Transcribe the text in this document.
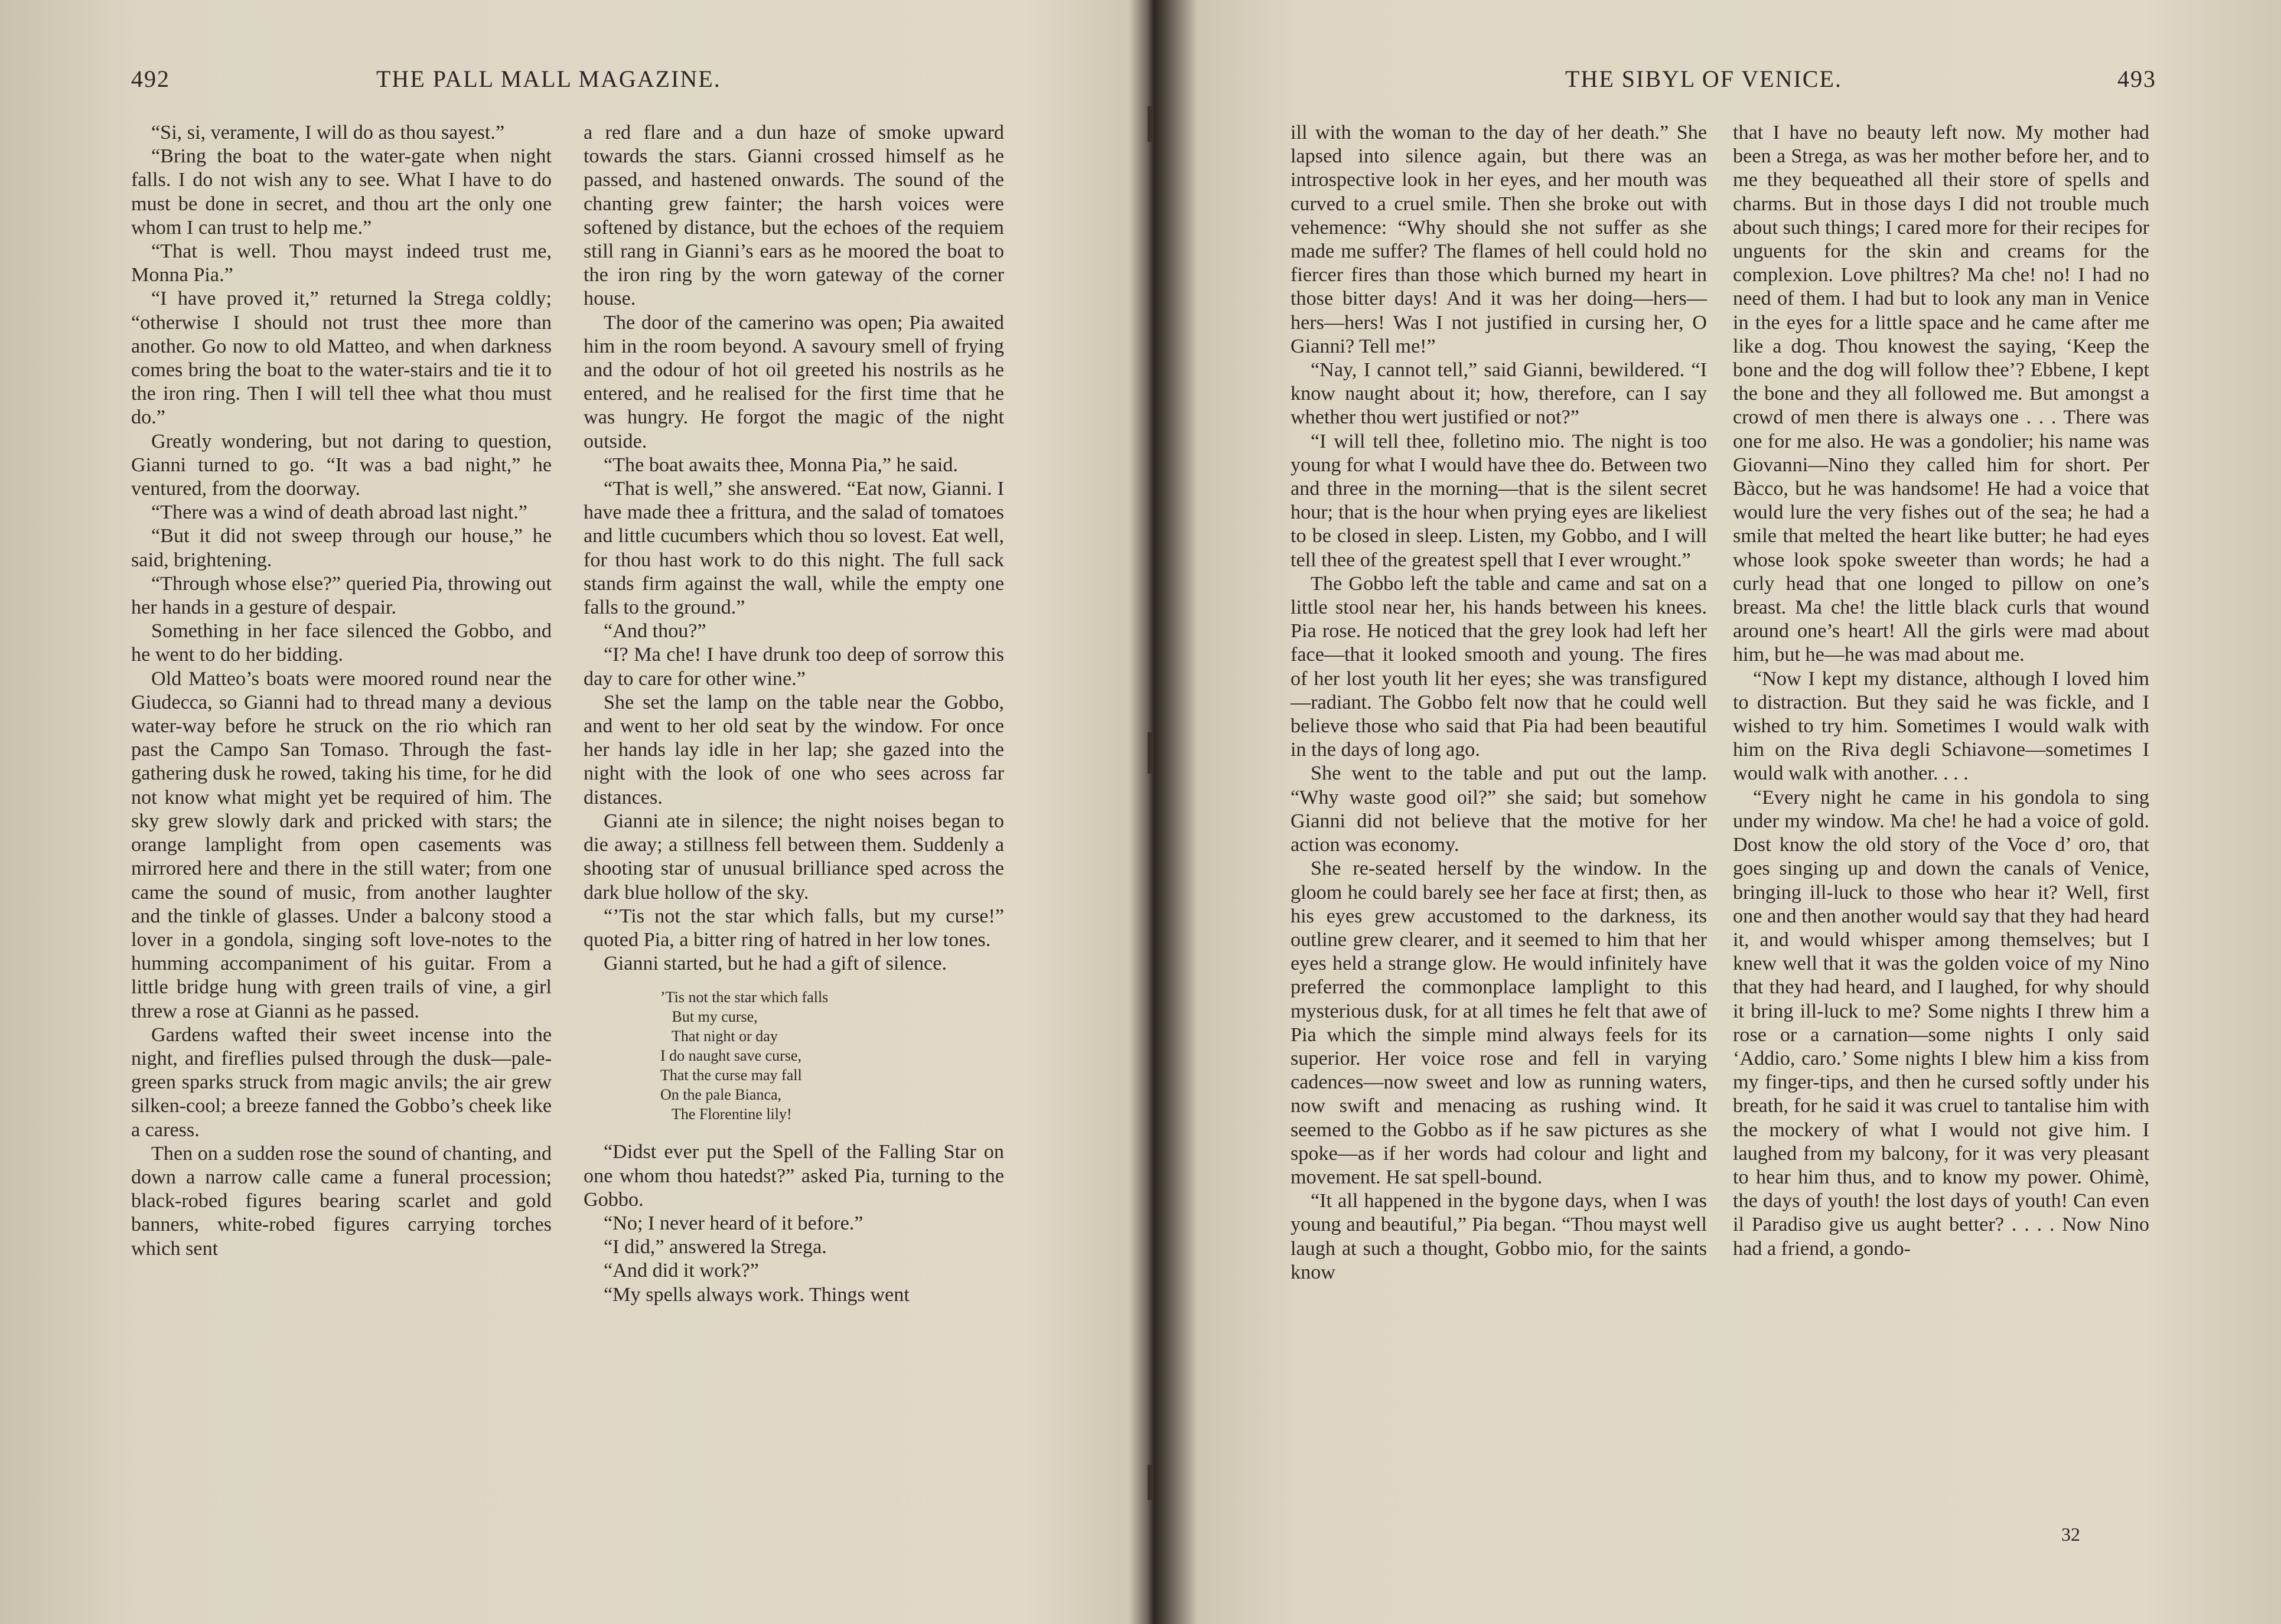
492	THE PALL MALL MAGAZINE.

“Si, si, veramente, I will do as thou sayest.”

“Bring the boat to the water-gate when night falls. I do not wish any to see. What I have to do must be done in secret, and thou art the only one whom I can trust to help me.”

“That is well. Thou mayst indeed trust me, Monna Pia.”

“I have proved it,” returned la Strega coldly; “otherwise I should not trust thee more than another. Go now to old Matteo, and when darkness comes bring the boat to the water-stairs and tie it to the iron ring. Then I will tell thee what thou must do.”

Greatly wondering, but not daring to question, Gianni turned to go. “It was a bad night,” he ventured, from the doorway.

“There was a wind of death abroad last night.”

“But it did not sweep through our house,” he said, brightening.

“Through whose else?” queried Pia, throwing out her hands in a gesture of despair.

Something in her face silenced the Gobbo, and he went to do her bidding.

Old Matteo’s boats were moored round near the Giudecca, so Gianni had to thread many a devious water-way before he struck on the rio which ran past the Campo San Tomaso. Through the fast-gathering dusk he rowed, taking his time, for he did not know what might yet be required of him. The sky grew slowly dark and pricked with stars; the orange lamplight from open casements was mirrored here and there in the still water; from one came the sound of music, from another laughter and the tinkle of glasses. Under a balcony stood a lover in a gondola, singing soft love-notes to the humming accompaniment of his guitar. From a little bridge hung with green trails of vine, a girl threw a rose at Gianni as he passed.

Gardens wafted their sweet incense into the night, and fireflies pulsed through the dusk—pale-green sparks struck from magic anvils; the air grew silken-cool; a breeze fanned the Gobbo’s cheek like a caress.

Then on a sudden rose the sound of chanting, and down a narrow calle came a funeral procession; black-robed figures bearing scarlet and gold banners, white-robed figures carrying torches which sent

a red flare and a dun haze of smoke upward towards the stars. Gianni crossed himself as he passed, and hastened onwards. The sound of the chanting grew fainter; the harsh voices were softened by distance, but the echoes of the requiem still rang in Gianni’s ears as he moored the boat to the iron ring by the worn gateway of the corner house.

The door of the camerino was open; Pia awaited him in the room beyond. A savoury smell of frying and the odour of hot oil greeted his nostrils as he entered, and he realised for the first time that he was hungry. He forgot the magic of the night outside.

“The boat awaits thee, Monna Pia,” he said.

“That is well,” she answered. “Eat now, Gianni. I have made thee a frittura, and the salad of tomatoes and little cucumbers which thou so lovest. Eat well, for thou hast work to do this night. The full sack stands firm against the wall, while the empty one falls to the ground.”

“And thou?”

“I? Ma che! I have drunk too deep of sorrow this day to care for other wine.”

She set the lamp on the table near the Gobbo, and went to her old seat by the window. For once her hands lay idle in her lap; she gazed into the night with the look of one who sees across far distances.

Gianni ate in silence; the night noises began to die away; a stillness fell between them. Suddenly a shooting star of unusual brilliance sped across the dark blue hollow of the sky.

“’Tis not the star which falls, but my curse!” quoted Pia, a bitter ring of hatred in her low tones.

Gianni started, but he had a gift of silence.

’Tis not the star which falls
But my curse,
That night or day
I do naught save curse,
That the curse may fall
On the pale Bianca,
The Florentine lily!

“Didst ever put the Spell of the Falling Star on one whom thou hatedst?” asked Pia, turning to the Gobbo.

“No; I never heard of it before.”

“I did,” answered la Strega.

“And did it work?”

“My spells always work. Things went

THE SIBYL OF VENICE.	493

ill with the woman to the day of her death.” She lapsed into silence again, but there was an introspective look in her eyes, and her mouth was curved to a cruel smile. Then she broke out with vehemence: “Why should she not suffer as she made me suffer? The flames of hell could hold no fiercer fires than those which burned my heart in those bitter days! And it was her doing—hers—hers—hers! Was I not justified in cursing her, O Gianni? Tell me!”

“Nay, I cannot tell,” said Gianni, bewildered. “I know naught about it; how, therefore, can I say whether thou wert justified or not?”

“I will tell thee, folletino mio. The night is too young for what I would have thee do. Between two and three in the morning—that is the silent secret hour; that is the hour when prying eyes are likeliest to be closed in sleep. Listen, my Gobbo, and I will tell thee of the greatest spell that I ever wrought.”

The Gobbo left the table and came and sat on a little stool near her, his hands between his knees. Pia rose. He noticed that the grey look had left her face—that it looked smooth and young. The fires of her lost youth lit her eyes; she was transfigured—radiant. The Gobbo felt now that he could well believe those who said that Pia had been beautiful in the days of long ago.

She went to the table and put out the lamp. “Why waste good oil?” she said; but somehow Gianni did not believe that the motive for her action was economy.

She re-seated herself by the window. In the gloom he could barely see her face at first; then, as his eyes grew accustomed to the darkness, its outline grew clearer, and it seemed to him that her eyes held a strange glow. He would infinitely have preferred the commonplace lamplight to this mysterious dusk, for at all times he felt that awe of Pia which the simple mind always feels for its superior. Her voice rose and fell in varying cadences—now sweet and low as running waters, now swift and menacing as rushing wind. It seemed to the Gobbo as if he saw pictures as she spoke—as if her words had colour and light and movement. He sat spell-bound.

“It all happened in the bygone days, when I was young and beautiful,” Pia began. “Thou mayst well laugh at such a thought, Gobbo mio, for the saints know

that I have no beauty left now. My mother had been a Strega, as was her mother before her, and to me they bequeathed all their store of spells and charms. But in those days I did not trouble much about such things; I cared more for their recipes for unguents for the skin and creams for the complexion. Love philtres? Ma che! no! I had no need of them. I had but to look any man in Venice in the eyes for a little space and he came after me like a dog. Thou knowest the saying, ‘Keep the bone and the dog will follow thee’? Ebbene, I kept the bone and they all followed me. But amongst a crowd of men there is always one . . . There was one for me also. He was a gondolier; his name was Giovanni—Nino they called him for short. Per Bàcco, but he was handsome! He had a voice that would lure the very fishes out of the sea; he had a smile that melted the heart like butter; he had eyes whose look spoke sweeter than words; he had a curly head that one longed to pillow on one’s breast. Ma che! the little black curls that wound around one’s heart! All the girls were mad about him, but he—he was mad about me.

“Now I kept my distance, although I loved him to distraction. But they said he was fickle, and I wished to try him. Sometimes I would walk with him on the Riva degli Schiavone—sometimes I would walk with another. . . .

“Every night he came in his gondola to sing under my window. Ma che! he had a voice of gold. Dost know the old story of the Voce d’ oro, that goes singing up and down the canals of Venice, bringing ill-luck to those who hear it? Well, first one and then another would say that they had heard it, and would whisper among themselves; but I knew well that it was the golden voice of my Nino that they had heard, and I laughed, for why should it bring ill-luck to me? Some nights I threw him a rose or a carnation—some nights I only said ‘Addio, caro.’ Some nights I blew him a kiss from my finger-tips, and then he cursed softly under his breath, for he said it was cruel to tantalise him with the mockery of what I would not give him. I laughed from my balcony, for it was very pleasant to hear him thus, and to know my power. Ohimè, the days of youth! the lost days of youth! Can even il Paradiso give us aught better? . . . . Now Nino had a friend, a gondo-

32
